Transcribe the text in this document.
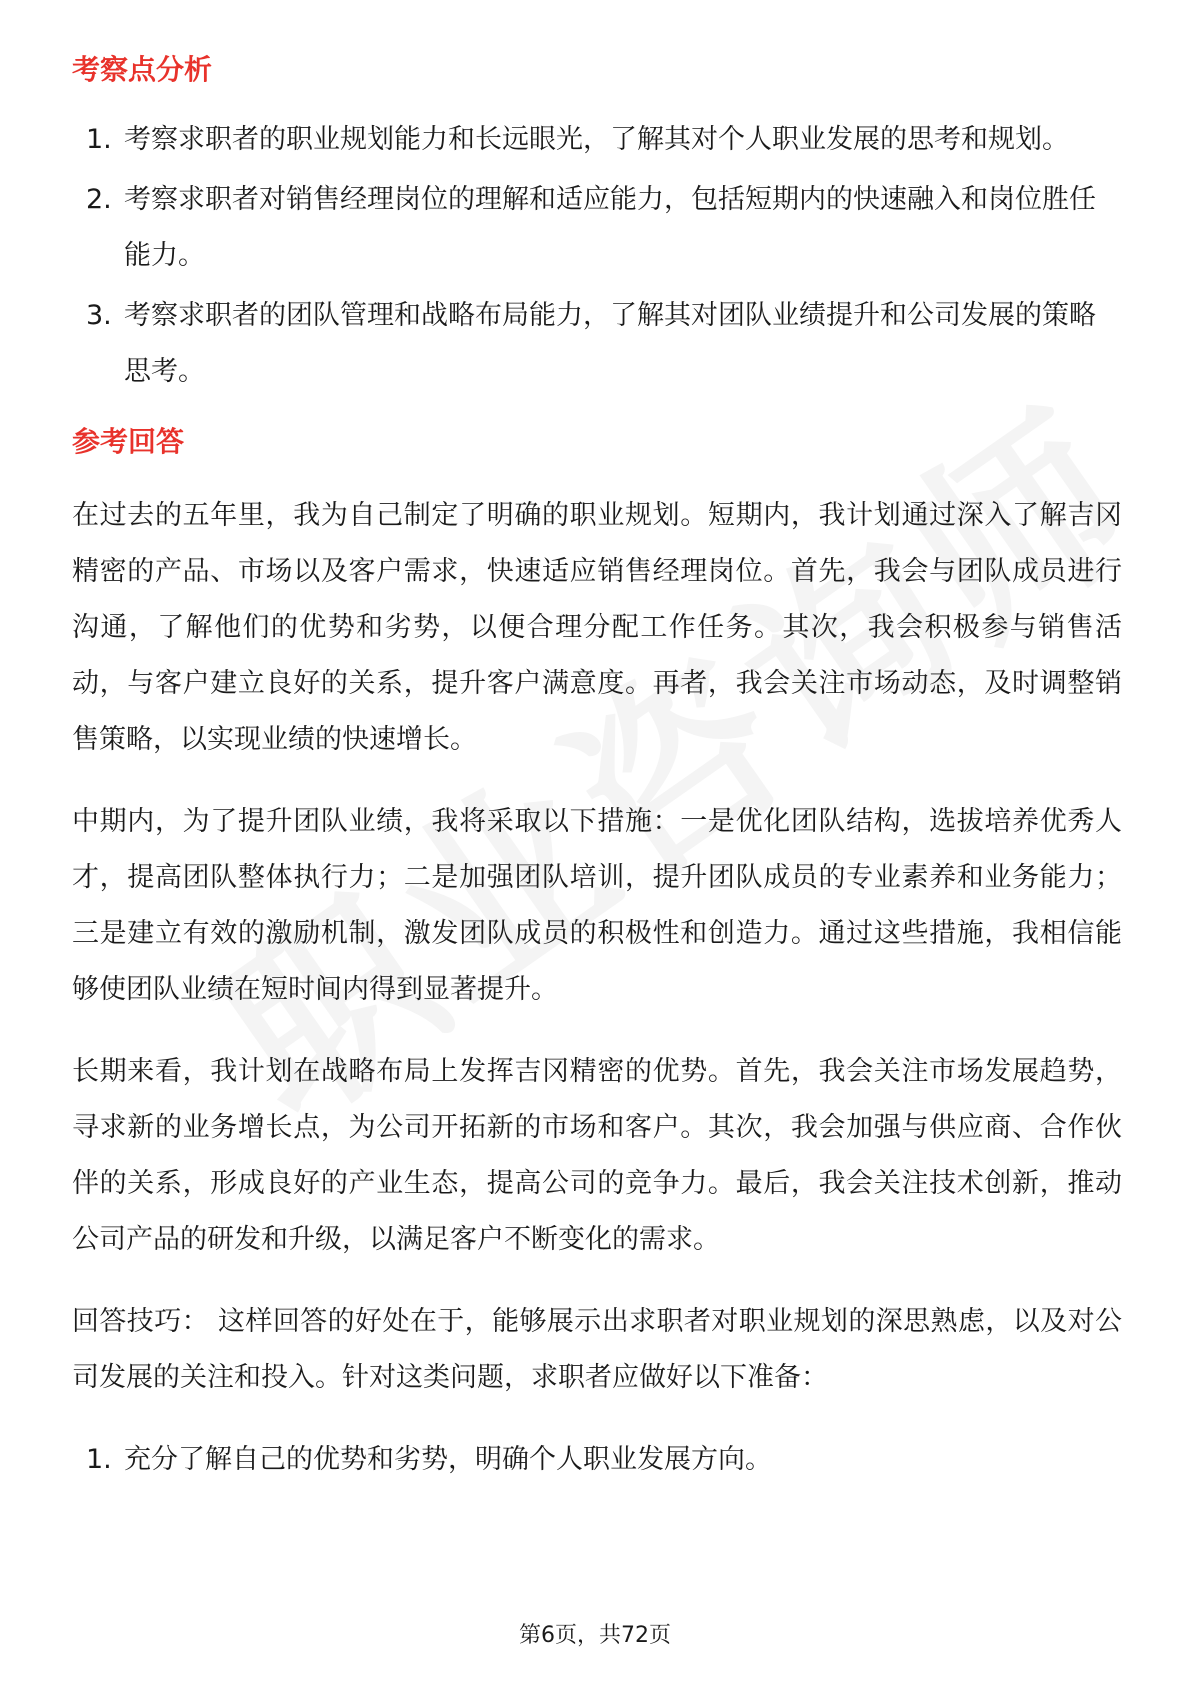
考察点分析
1. 考察求职者的职业规划能力和长远眼光，了解其对个人职业发展的思考和规划。
2. 考察求职者对销售经理岗位的理解和适应能力，包括短期内的快速融入和岗位胜任能力。
3. 考察求职者的团队管理和战略布局能力，了解其对团队业绩提升和公司发展的策略思考。
参考回答

在过去的五年里，我为自己制定了明确的职业规划。短期内，我计划通过深入了解吉冈精密的产品、市场以及客户需求，快速适应销售经理岗位。首先，我会与团队成员进行沟通，了解他们的优势和劣势，以便合理分配工作任务。其次，我会积极参与销售活动，与客户建立良好的关系，提升客户满意度。再者，我会关注市场动态，及时调整销售策略，以实现业绩的快速增长。

中期内，为了提升团队业绩，我将采取以下措施：一是优化团队结构，选拔培养优秀人才，提高团队整体执行力；二是加强团队培训，提升团队成员的专业素养和业务能力；三是建立有效的激励机制，激发团队成员的积极性和创造力。通过这些措施，我相信能够使团队业绩在短时间内得到显著提升。

长期来看，我计划在战略布局上发挥吉冈精密的优势。首先，我会关注市场发展趋势，寻求新的业务增长点，为公司开拓新的市场和客户。其次，我会加强与供应商、合作伙伴的关系，形成良好的产业生态，提高公司的竞争力。最后，我会关注技术创新，推动公司产品的研发和升级，以满足客户不断变化的需求。

回答技巧： 这样回答的好处在于，能够展示出求职者对职业规划的深思熟虑，以及对公司发展的关注和投入。针对这类问题，求职者应做好以下准备：

1. 充分了解自己的优势和劣势，明确个人职业发展方向。
第6页，共72页
